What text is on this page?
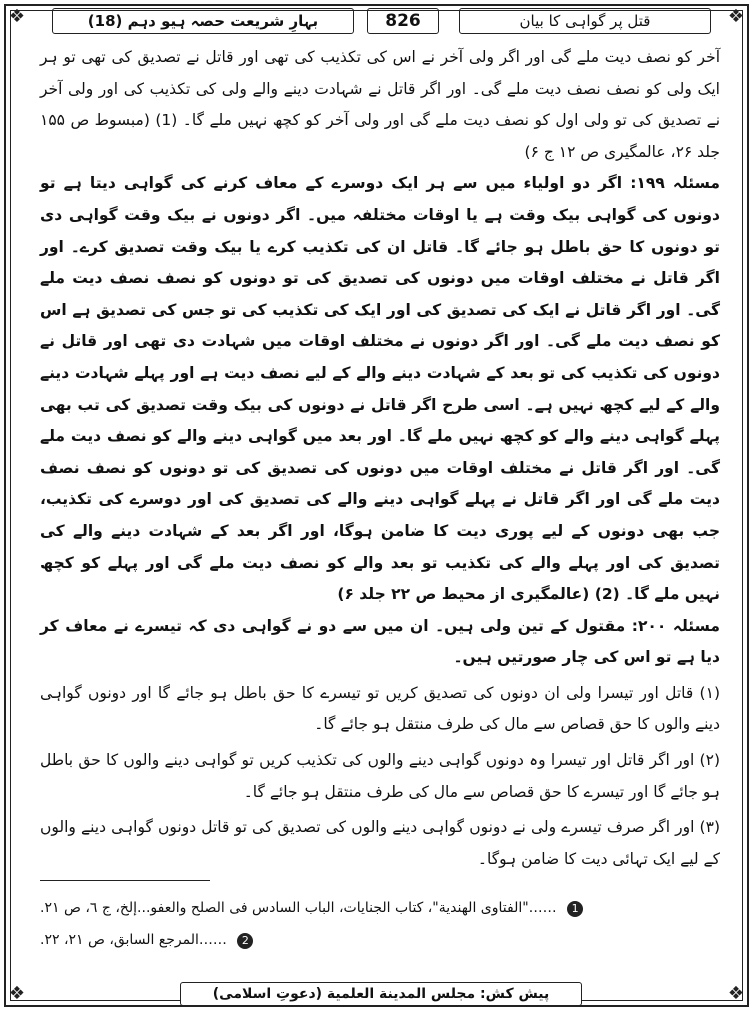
❖	❖
❖	❖
بہارِ شریعت حصہ ہیو دہم (18)	826	قتل پر گواہی کا بیان

آخر کو نصف دیت ملے گی اور اگر ولی آخر نے اس کی تکذیب کی تھی اور قاتل نے تصدیق کی تھی تو ہر ایک ولی کو نصف نصف دیت ملے گی۔ اور اگر قاتل نے شہادت دینے والے ولی کی تکذیب کی اور ولی آخر نے تصدیق کی تو ولی اول کو نصف دیت ملے گی اور ولی آخر کو کچھ نہیں ملے گا۔ (1) (مبسوط ص ۱۵۵ جلد ۲۶، عالمگیری ص ۱۲ ج ۶)

مسئلہ ۱۹۹: اگر دو اولیاء میں سے ہر ایک دوسرے کے معاف کرنے کی گواہی دیتا ہے تو دونوں کی گواہی بیک وقت ہے یا اوقات مختلفہ میں۔ اگر دونوں نے بیک وقت گواہی دی تو دونوں کا حق باطل ہو جائے گا۔ قاتل ان کی تکذیب کرے یا بیک وقت تصدیق کرے۔ اور اگر قاتل نے مختلف اوقات میں دونوں کی تصدیق کی تو دونوں کو نصف نصف دیت ملے گی۔ اور اگر قاتل نے ایک کی تصدیق کی اور ایک کی تکذیب کی تو جس کی تصدیق ہے اس کو نصف دیت ملے گی۔ اور اگر دونوں نے مختلف اوقات میں شہادت دی تھی اور قاتل نے دونوں کی تکذیب کی تو بعد کے شہادت دینے والے کے لیے نصف دیت ہے اور پہلے شہادت دینے والے کے لیے کچھ نہیں ہے۔ اسی طرح اگر قاتل نے دونوں کی بیک وقت تصدیق کی تب بھی پہلے گواہی دینے والے کو کچھ نہیں ملے گا۔ اور بعد میں گواہی دینے والے کو نصف دیت ملے گی۔ اور اگر قاتل نے مختلف اوقات میں دونوں کی تصدیق کی تو دونوں کو نصف نصف دیت ملے گی اور اگر قاتل نے پہلے گواہی دینے والے کی تصدیق کی اور دوسرے کی تکذیب، جب بھی دونوں کے لیے پوری دیت کا ضامن ہوگا، اور اگر بعد کے شہادت دینے والے کی تصدیق کی اور پہلے والے کی تکذیب تو بعد والے کو نصف دیت ملے گی اور پہلے کو کچھ نہیں ملے گا۔ (2) (عالمگیری از محیط ص ۲۲ جلد ۶)

مسئلہ ۲۰۰: مقتول کے تین ولی ہیں۔ ان میں سے دو نے گواہی دی کہ تیسرے نے معاف کر دیا ہے تو اس کی چار صورتیں ہیں۔

(۱) قاتل اور تیسرا ولی ان دونوں کی تصدیق کریں تو تیسرے کا حق باطل ہو جائے گا اور دونوں گواہی دینے والوں کا حق قصاص سے مال کی طرف منتقل ہو جائے گا۔

(۲) اور اگر قاتل اور تیسرا وہ دونوں گواہی دینے والوں کی تکذیب کریں تو گواہی دینے والوں کا حق باطل ہو جائے گا اور تیسرے کا حق قصاص سے مال کی طرف منتقل ہو جائے گا۔

(۳) اور اگر صرف تیسرے ولی نے دونوں گواہی دینے والوں کی تصدیق کی تو قاتل دونوں گواہی دینے والوں کے لیے ایک تہائی دیت کا ضامن ہوگا۔

1 ……"الفتاوى الهندية"، كتاب الجنايات، الباب السادس فى الصلح والعفو...إلخ، ج ٦، ص ٢١.
2 ……المرجع السابق، ص ٢١، ٢٢.
پیش کش: مجلس المدينة العلمية (دعوتِ اسلامی)
